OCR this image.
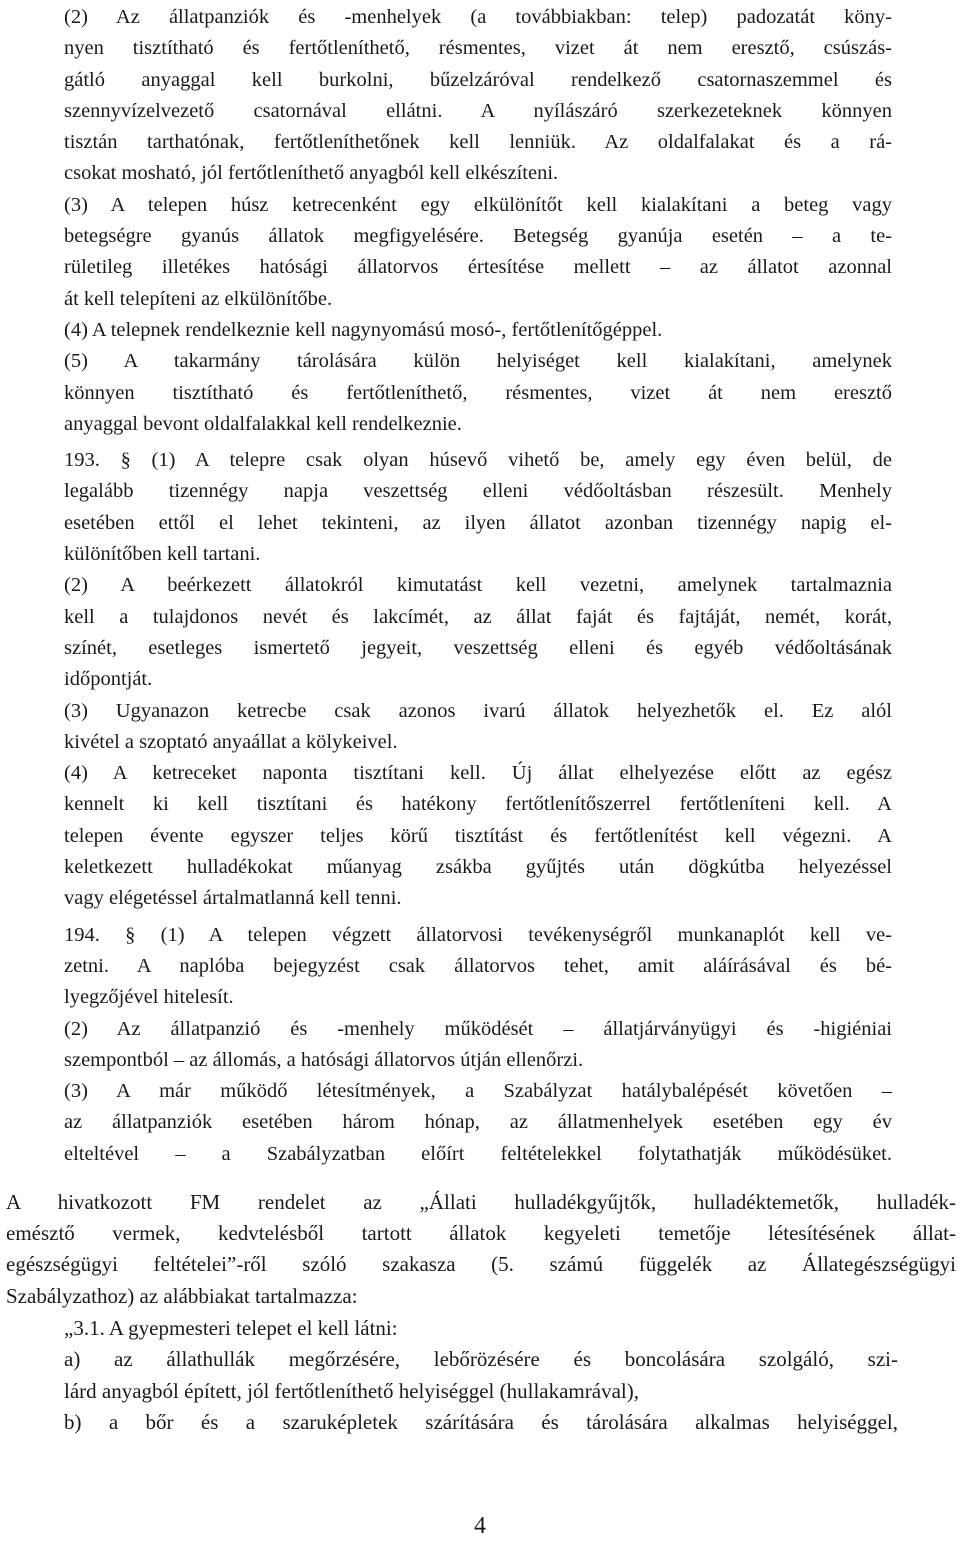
(2) Az állatpanziók és -menhelyek (a továbbiakban: telep) padozatát köny-
nyen tisztítható és fertőtleníthető, résmentes, vizet át nem eresztő, csúszás-
gátló anyaggal kell burkolni, bűzelzáróval rendelkező csatornaszemmel és
szennyvízelvezető csatornával ellátni. A nyílászáró szerkezeteknek könnyen
tisztán tarthatónak, fertőtleníthetőnek kell lenniük. Az oldalfalakat és a rá-
csokat mosható, jól fertőtleníthető anyagból kell elkészíteni.
(3) A telepen húsz ketrecenként egy elkülönítőt kell kialakítani a beteg vagy
betegségre gyanús állatok megfigyelésére. Betegség gyanúja esetén – a te-
rületileg illetékes hatósági állatorvos értesítése mellett – az állatot azonnal
át kell telepíteni az elkülönítőbe.
(4) A telepnek rendelkeznie kell nagynyomású mosó-, fertőtlenítőgéppel.
(5) A takarmány tárolására külön helyiséget kell kialakítani, amelynek
könnyen tisztítható és fertőtleníthető, résmentes, vizet át nem eresztő
anyaggal bevont oldalfalakkal kell rendelkeznie.
193. § (1) A telepre csak olyan húsevő vihető be, amely egy éven belül, de
legalább tizennégy napja veszettség elleni védőoltásban részesült. Menhely
esetében ettől el lehet tekinteni, az ilyen állatot azonban tizennégy napig el-
különítőben kell tartani.
(2) A beérkezett állatokról kimutatást kell vezetni, amelynek tartalmaznia
kell a tulajdonos nevét és lakcímét, az állat faját és fajtáját, nemét, korát,
színét, esetleges ismertető jegyeit, veszettség elleni és egyéb védőoltásának
időpontját.
(3) Ugyanazon ketrecbe csak azonos ivarú állatok helyezhetők el. Ez alól
kivétel a szoptató anyaállat a kölykeivel.
(4) A ketreceket naponta tisztítani kell. Új állat elhelyezése előtt az egész
kennelt ki kell tisztítani és hatékony fertőtlenítőszerrel fertőtleníteni kell. A
telepen évente egyszer teljes körű tisztítást és fertőtlenítést kell végezni. A
keletkezett hulladékokat műanyag zsákba gyűjtés után dögkútba helyezéssel
vagy elégetéssel ártalmatlanná kell tenni.
194. § (1) A telepen végzett állatorvosi tevékenységről munkanaplót kell ve-
zetni. A naplóba bejegyzést csak állatorvos tehet, amit aláírásával és bé-
lyegzőjével hitelesít.
(2) Az állatpanzió és -menhely működését – állatjárványügyi és -higiéniai
szempontból – az állomás, a hatósági állatorvos útján ellenőrzi.
(3) A már működő létesítmények, a Szabályzat hatálybalépését követően –
az állatpanziók esetében három hónap, az állatmenhelyek esetében egy év
elteltével – a Szabályzatban előírt feltételekkel folytathatják működésüket.
A hivatkozott FM rendelet az „Állati hulladékgyűjtők, hulladéktemetők, hulladék-
emésztő vermek, kedvtelésből tartott állatok kegyeleti temetője létesítésének állat-
egészségügyi feltételei”-ről szóló szakasza (5. számú függelék az Állategészségügyi
Szabályzathoz) az alábbiakat tartalmazza:
„3.1. A gyepmesteri telepet el kell látni:
a) az állathullák megőrzésére, lebőrözésére és boncolására szolgáló, szi-
lárd anyagból épített, jól fertőtleníthető helyiséggel (hullakamrával),
b) a bőr és a szaruképletek szárítására és tárolására alkalmas helyiséggel,
4
